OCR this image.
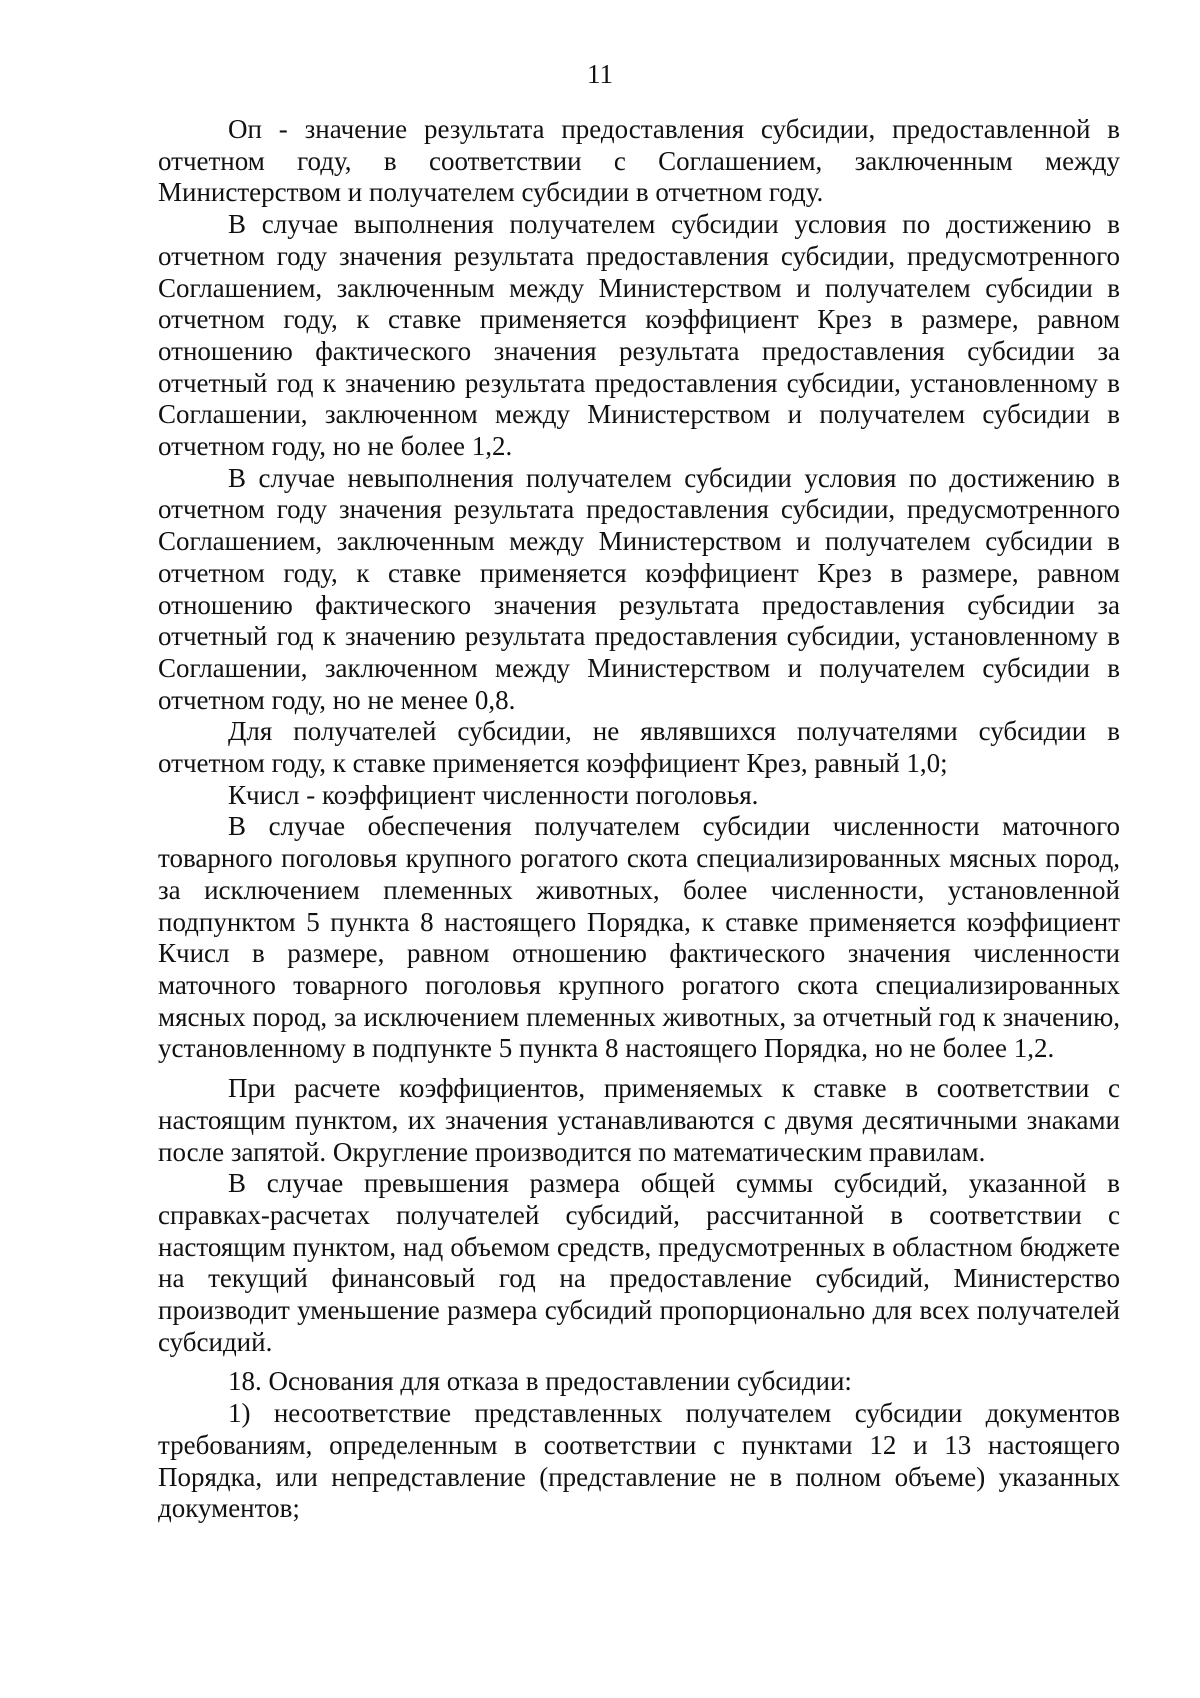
11

Оп - значение результата предоставления субсидии, предоставленной в отчетном году, в соответствии с Соглашением, заключенным между Министерством и получателем субсидии в отчетном году.

В случае выполнения получателем субсидии условия по достижению в отчетном году значения результата предоставления субсидии, предусмотренного Соглашением, заключенным между Министерством и получателем субсидии в отчетном году, к ставке применяется коэффициент Крез в размере, равном отношению фактического значения результата предоставления субсидии за отчетный год к значению результата предоставления субсидии, установленному в Соглашении, заключенном между Министерством и получателем субсидии в отчетном году, но не более 1,2.

В случае невыполнения получателем субсидии условия по достижению в отчетном году значения результата предоставления субсидии, предусмотренного Соглашением, заключенным между Министерством и получателем субсидии в отчетном году, к ставке применяется коэффициент Крез в размере, равном отношению фактического значения результата предоставления субсидии за отчетный год к значению результата предоставления субсидии, установленному в Соглашении, заключенном между Министерством и получателем субсидии в отчетном году, но не менее 0,8.

Для получателей субсидии, не являвшихся получателями субсидии в отчетном году, к ставке применяется коэффициент Крез, равный 1,0;

Кчисл - коэффициент численности поголовья.

В случае обеспечения получателем субсидии численности маточного товарного поголовья крупного рогатого скота специализированных мясных пород, за исключением племенных животных, более численности, установленной подпунктом 5 пункта 8 настоящего Порядка, к ставке применяется коэффициент Кчисл в размере, равном отношению фактического значения численности маточного товарного поголовья крупного рогатого скота специализированных мясных пород, за исключением племенных животных, за отчетный год к значению, установленному в подпункте 5 пункта 8 настоящего Порядка, но не более 1,2.

При расчете коэффициентов, применяемых к ставке в соответствии с настоящим пунктом, их значения устанавливаются с двумя десятичными знаками после запятой. Округление производится по математическим правилам.

В случае превышения размера общей суммы субсидий, указанной в справках-расчетах получателей субсидий, рассчитанной в соответствии с настоящим пунктом, над объемом средств, предусмотренных в областном бюджете на текущий финансовый год на предоставление субсидий, Министерство производит уменьшение размера субсидий пропорционально для всех получателей субсидий.

18. Основания для отказа в предоставлении субсидии:

1) несоответствие представленных получателем субсидии документов требованиям, определенным в соответствии с пунктами 12 и 13 настоящего Порядка, или непредставление (представление не в полном объеме) указанных документов;
